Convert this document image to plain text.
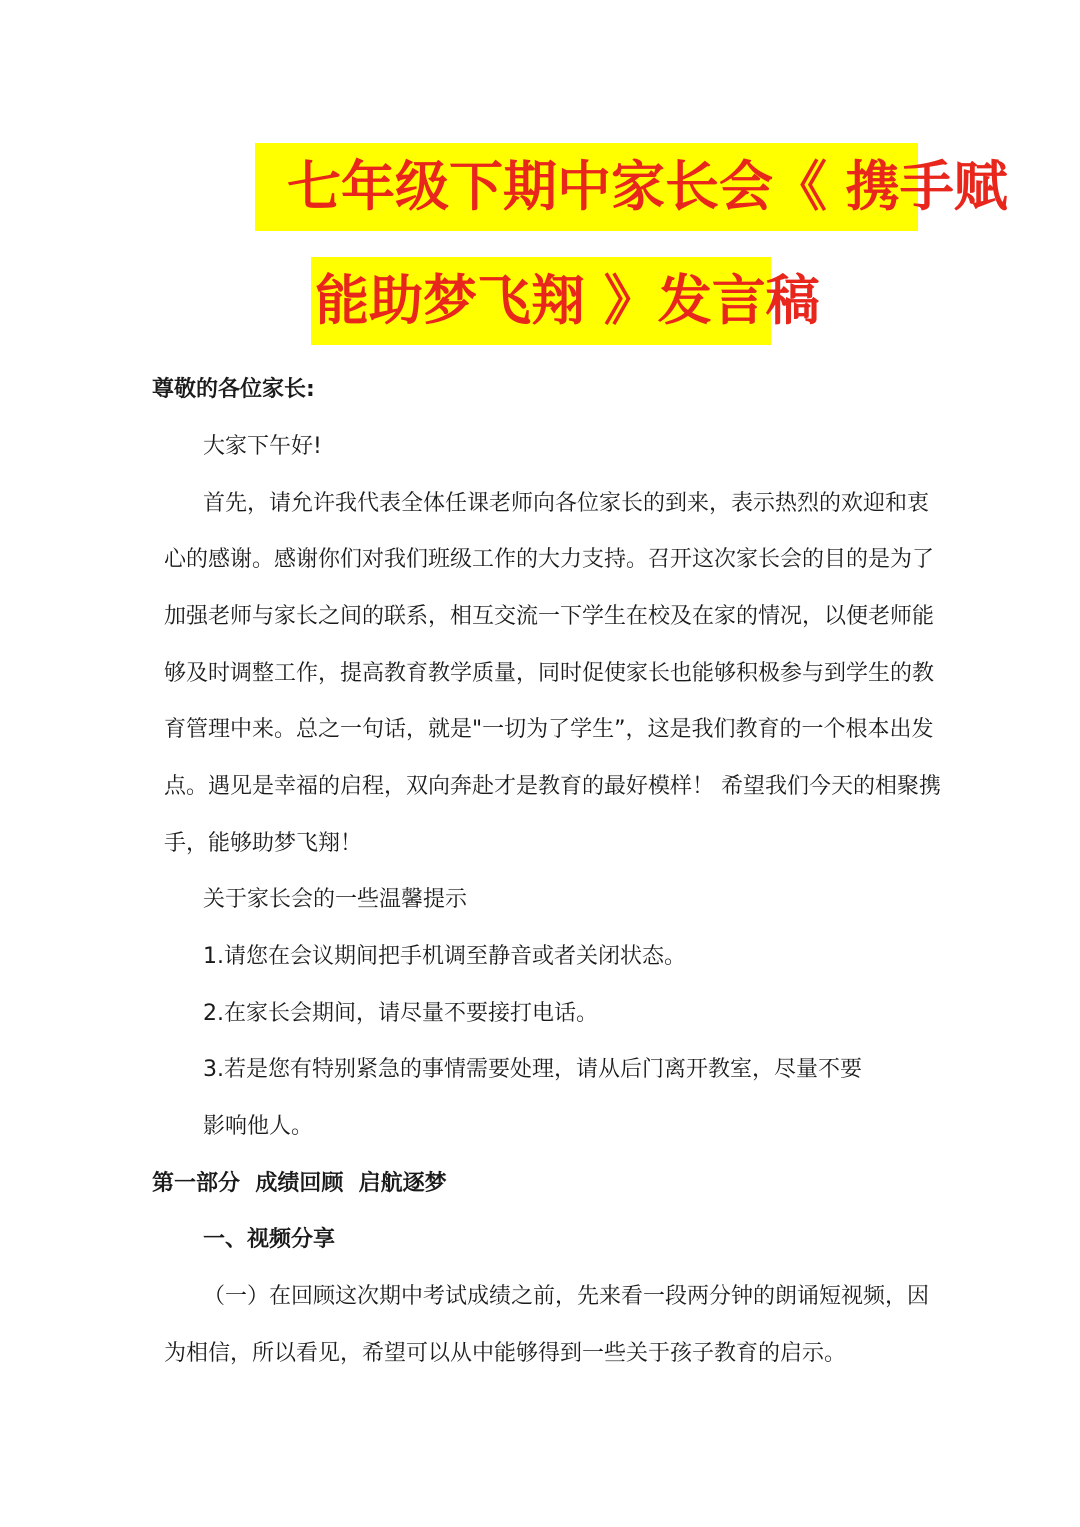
七年级下期中家长会《 携手赋
能助梦飞翔 》发言稿
尊敬的各位家长:
大家下午好!
首先，请允许我代表全体任课老师向各位家长的到来，表示热烈的欢迎和衷
心的感谢。感谢你们对我们班级工作的大力支持。召开这次家长会的目的是为了
加强老师与家长之间的联系，相互交流一下学生在校及在家的情况，以便老师能
够及时调整工作，提高教育教学质量，同时促使家长也能够积极参与到学生的教
育管理中来。总之一句话，就是"一切为了学生”，这是我们教育的一个根本出发
点。遇见是幸福的启程，双向奔赴才是教育的最好模样！ 希望我们今天的相聚携
手，能够助梦飞翔！
关于家长会的一些温馨提示
1.请您在会议期间把手机调至静音或者关闭状态。
2.在家长会期间，请尽量不要接打电话。
3.若是您有特别紧急的事情需要处理，请从后门离开教室，尽量不要
影响他人。
第一部分  成绩回顾  启航逐梦
一、视频分享
（一）在回顾这次期中考试成绩之前，先来看一段两分钟的朗诵短视频，因
为相信，所以看见，希望可以从中能够得到一些关于孩子教育的启示。
